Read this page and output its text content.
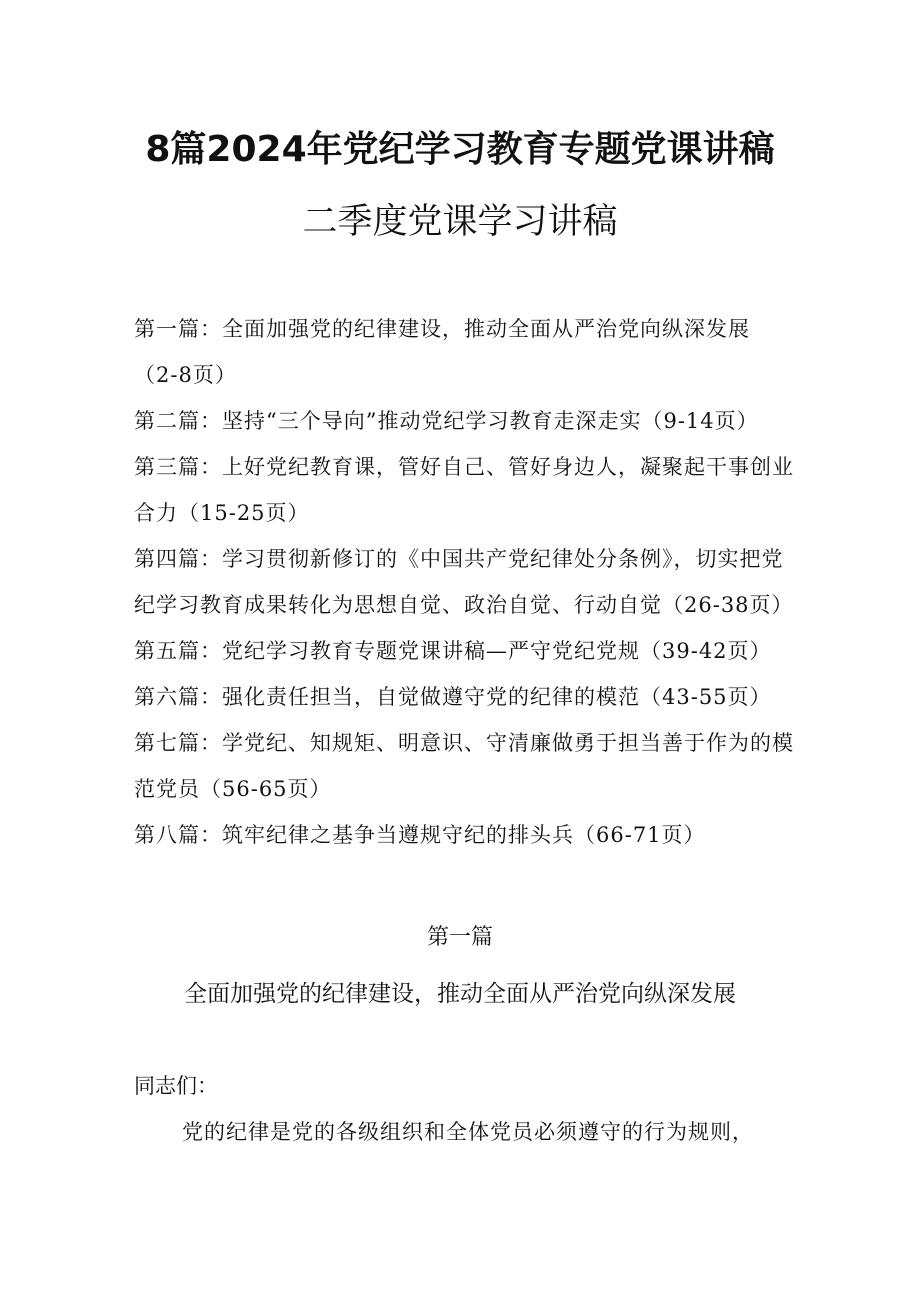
8篇2024年党纪学习教育专题党课讲稿
二季度党课学习讲稿
第一篇：全面加强党的纪律建设，推动全面从严治党向纵深发展（2-8页）
第二篇：坚持“三个导向”推动党纪学习教育走深走实（9-14页）
第三篇：上好党纪教育课，管好自己、管好身边人，凝聚起干事创业合力（15-25页）
第四篇：学习贯彻新修订的《中国共产党纪律处分条例》，切实把党纪学习教育成果转化为思想自觉、政治自觉、行动自觉（26-38页）
第五篇：党纪学习教育专题党课讲稿—严守党纪党规（39-42页）
第六篇：强化责任担当，自觉做遵守党的纪律的模范（43-55页）
第七篇：学党纪、知规矩、明意识、守清廉做勇于担当善于作为的模范党员（56-65页）
第八篇：筑牢纪律之基争当遵规守纪的排头兵（66-71页）

第一篇

全面加强党的纪律建设，推动全面从严治党向纵深发展

同志们：

党的纪律是党的各级组织和全体党员必须遵守的行为规则，
